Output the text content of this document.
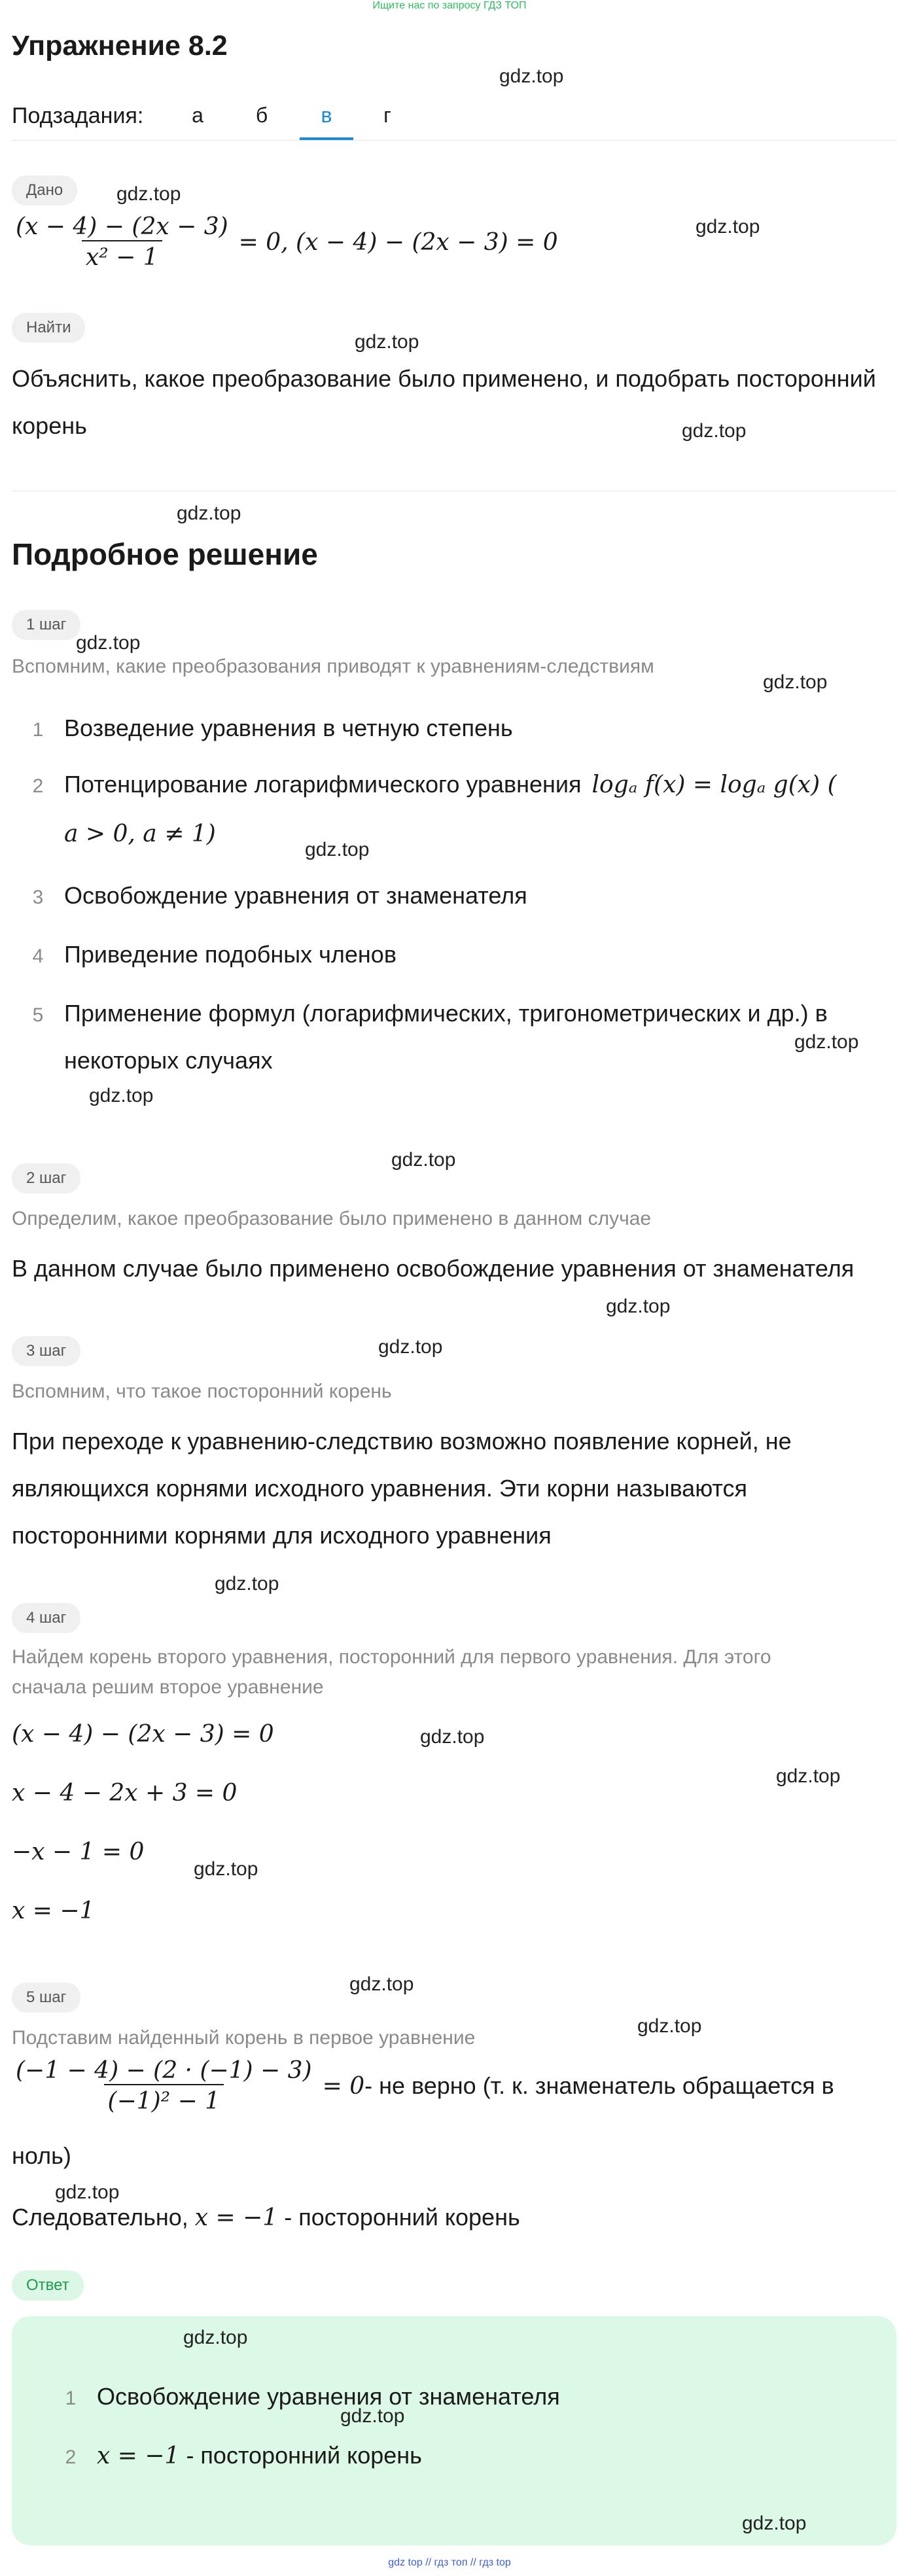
Ищите нас по запросу ГДЗ ТОП
Упражнение 8.2
gdz.top
Подзадания:	а	б	в	г
Дано	gdz.top
gdz.top
$\frac{(x - 4) - (2x - 3)}{\text{x² − 1}} = 0$, (x − 4) − (2x − 3) = 0
Найти
gdz.top
Объяснить, какое преобразование было применено, и подобрать посторонний
корень	gdz.top
gdz.top
Подробное решение
1 шаг
gdz.top
Вспомним, какие преобразования приводят к уравнениям-следствиям
gdz.top
1 Возведение уравнения в четную степень
2 Потенцирование логарифмического уравнения logₐ f(x) = logₐ g(x) (
a > 0, a ≠ 1)
gdz.top
3 Освобождение уравнения от знаменателя
4 Приведение подобных членов
5 Применение формул (логарифмических, тригонометрических и др.) в
некоторых случаях
gdz.top
gdz.top
gdz.top
2 шаг
Определим, какое преобразование было применено в данном случае
В данном случае было применено освобождение уравнения от знаменателя
gdz.top
3 шаг	gdz.top
Вспомним, что такое посторонний корень
При переходе к уравнению-следствию возможно появление корней, не
являющихся корнями исходного уравнения. Эти корни называются
посторонними корнями для исходного уравнения
gdz.top
4 шаг
Найдем корень второго уравнения, посторонний для первого уравнения. Для этого
сначала решим второе уравнение
(x − 4) − (2x − 3) = 0	gdz.top
gdz.top
x − 4 − 2x + 3 = 0
−x − 1 = 0
gdz.top
x = −1
gdz.top
5 шаг
gdz.top
Подставим найденный корень в первое уравнение
$\frac{(-1 - 4) - (2 \cdot (-1) - 3)}{\text{(−1)² − 1}} = 0$ - не верно (т. к. знаменатель обращается в
ноль)
gdz.top
Следовательно, x = −1 - посторонний корень
Ответ
gdz.top
1 Освобождение уравнения от знаменателя
gdz.top
2 x = −1 - посторонний корень
gdz.top
gdz top // гдз топ // гдз top
